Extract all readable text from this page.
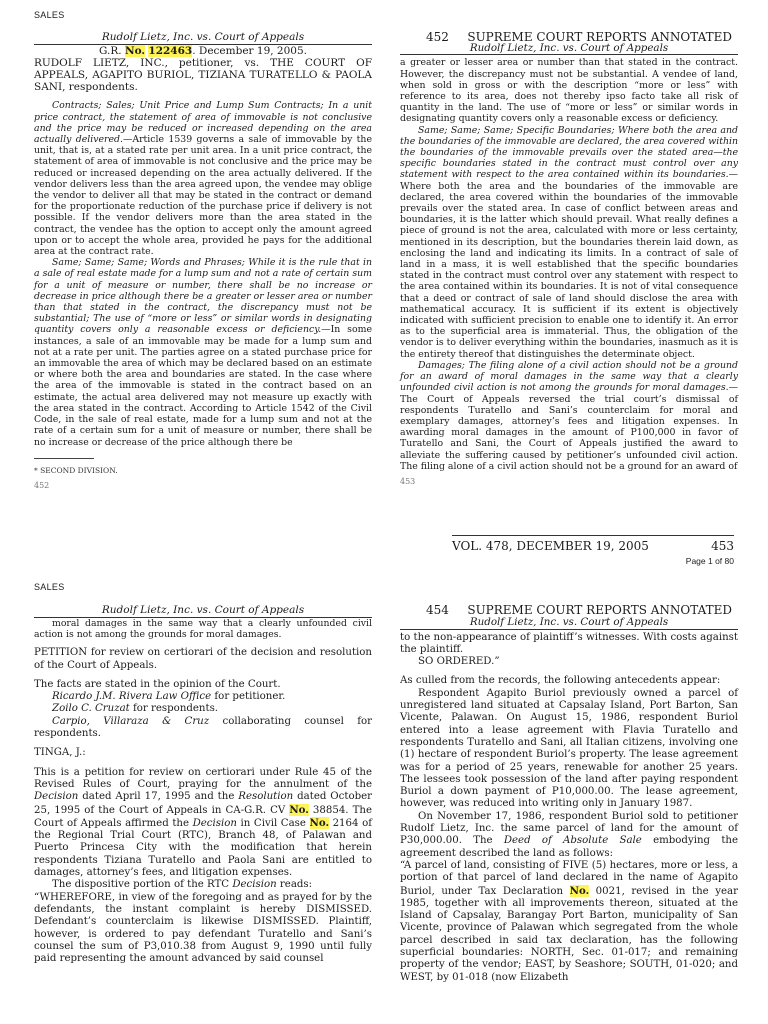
SALES
Rudolf Lietz, Inc. vs. Court of Appeals
G.R. No. 122463. December 19, 2005.

RUDOLF LIETZ, INC., petitioner, vs. THE COURT OF APPEALS, AGAPITO BURIOL, TIZIANA TURATELLO & PAOLA SANI, respondents.

Contracts; Sales; Unit Price and Lump Sum Contracts; In a unit price contract, the statement of area of immovable is not conclusive and the price may be reduced or increased depending on the area actually delivered.—Article 1539 governs a sale of immovable by the unit, that is, at a stated rate per unit area. In a unit price contract, the statement of area of immovable is not conclusive and the price may be reduced or increased depending on the area actually delivered. If the vendor delivers less than the area agreed upon, the vendee may oblige the vendor to deliver all that may be stated in the contract or demand for the proportionate reduction of the purchase price if delivery is not possible. If the vendor delivers more than the area stated in the contract, the vendee has the option to accept only the amount agreed upon or to accept the whole area, provided he pays for the additional area at the contract rate.

Same; Same; Same; Words and Phrases; While it is the rule that in a sale of real estate made for a lump sum and not a rate of certain sum for a unit of measure or number, there shall be no increase or decrease in price although there be a greater or lesser area or number than that stated in the contract, the discrepancy must not be substantial; The use of “more or less” or similar words in designating quantity covers only a reasonable excess or deficiency.—In some instances, a sale of an immovable may be made for a lump sum and not at a rate per unit. The parties agree on a stated purchase price for an immovable the area of which may be declared based on an estimate or where both the area and boundaries are stated. In the case where the area of the immovable is stated in the contract based on an estimate, the actual area delivered may not measure up exactly with the area stated in the contract. According to Article 1542 of the Civil Code, in the sale of real estate, made for a lump sum and not at the rate of a certain sum for a unit of measure or number, there shall be no increase or decrease of the price although there be

* SECOND DIVISION.
452
452 SUPREME COURT REPORTS ANNOTATED
Rudolf Lietz, Inc. vs. Court of Appeals

a greater or lesser area or number than that stated in the contract. However, the discrepancy must not be substantial. A vendee of land, when sold in gross or with the description “more or less” with reference to its area, does not thereby ipso facto take all risk of quantity in the land. The use of “more or less” or similar words in designating quantity covers only a reasonable excess or deficiency.

Same; Same; Same; Specific Boundaries; Where both the area and the boundaries of the immovable are declared, the area covered within the boundaries of the immovable prevails over the stated area—the specific boundaries stated in the contract must control over any statement with respect to the area contained within its boundaries.—Where both the area and the boundaries of the immovable are declared, the area covered within the boundaries of the immovable prevails over the stated area. In case of conflict between areas and boundaries, it is the latter which should prevail. What really defines a piece of ground is not the area, calculated with more or less certainty, mentioned in its description, but the boundaries therein laid down, as enclosing the land and indicating its limits. In a contract of sale of land in a mass, it is well established that the specific boundaries stated in the contract must control over any statement with respect to the area contained within its boundaries. It is not of vital consequence that a deed or contract of sale of land should disclose the area with mathematical accuracy. It is sufficient if its extent is objectively indicated with sufficient precision to enable one to identify it. An error as to the superficial area is immaterial. Thus, the obligation of the vendor is to deliver everything within the boundaries, inasmuch as it is the entirety thereof that distinguishes the determinate object.

Damages; The filing alone of a civil action should not be a ground for an award of moral damages in the same way that a clearly unfounded civil action is not among the grounds for moral damages.—The Court of Appeals reversed the trial court’s dismissal of respondents Turatello and Sani’s counterclaim for moral and exemplary damages, attorney’s fees and litigation expenses. In awarding moral damages in the amount of P100,000 in favor of Turatello and Sani, the Court of Appeals justified the award to alleviate the suffering caused by petitioner’s unfounded civil action. The filing alone of a civil action should not be a ground for an award of

453
VOL. 478, DECEMBER 19, 2005	453
Page 1 of 80
SALES
Rudolf Lietz, Inc. vs. Court of Appeals

moral damages in the same way that a clearly unfounded civil action is not among the grounds for moral damages.

PETITION for review on certiorari of the decision and resolution of the Court of Appeals.

The facts are stated in the opinion of the Court.

Ricardo J.M. Rivera Law Office for petitioner.

Zoilo C. Cruzat for respondents.

Carpio, Villaraza & Cruz collaborating counsel for respondents.

TINGA, J.:

This is a petition for review on certiorari under Rule 45 of the Revised Rules of Court, praying for the annulment of the Decision dated April 17, 1995 and the Resolution dated October 25, 1995 of the Court of Appeals in CA-G.R. CV No. 38854. The Court of Appeals affirmed the Decision in Civil Case No. 2164 of the Regional Trial Court (RTC), Branch 48, of Palawan and Puerto Princesa City with the modification that herein respondents Tiziana Turatello and Paola Sani are entitled to damages, attorney’s fees, and litigation expenses.

The dispositive portion of the RTC Decision reads:

“WHEREFORE, in view of the foregoing and as prayed for by the defendants, the instant complaint is hereby DISMISSED. Defendant’s counterclaim is likewise DISMISSED. Plaintiff, however, is ordered to pay defendant Turatello and Sani’s counsel the sum of P3,010.38 from August 9, 1990 until fully paid representing the amount advanced by said counsel

454 SUPREME COURT REPORTS ANNOTATED
Rudolf Lietz, Inc. vs. Court of Appeals

to the non-appearance of plaintiff’s witnesses. With costs against the plaintiff.

SO ORDERED.”

As culled from the records, the following antecedents appear:

Respondent Agapito Buriol previously owned a parcel of unregistered land situated at Capsalay Island, Port Barton, San Vicente, Palawan. On August 15, 1986, respondent Buriol entered into a lease agreement with Flavia Turatello and respondents Turatello and Sani, all Italian citizens, involving one (1) hectare of respondent Buriol’s property. The lease agreement was for a period of 25 years, renewable for another 25 years. The lessees took possession of the land after paying respondent Buriol a down payment of P10,000.00. The lease agreement, however, was reduced into writing only in January 1987.

On November 17, 1986, respondent Buriol sold to petitioner Rudolf Lietz, Inc. the same parcel of land for the amount of P30,000.00. The Deed of Absolute Sale embodying the agreement described the land as follows:

“A parcel of land, consisting of FIVE (5) hectares, more or less, a portion of that parcel of land declared in the name of Agapito Buriol, under Tax Declaration No. 0021, revised in the year 1985, together with all improvements thereon, situated at the Island of Capsalay, Barangay Port Barton, municipality of San Vicente, province of Palawan which segregated from the whole parcel described in said tax declaration, has the following superficial boundaries: NORTH, Sec. 01-017; and remaining property of the vendor; EAST, by Seashore; SOUTH, 01-020; and WEST, by 01-018 (now Elizabeth
